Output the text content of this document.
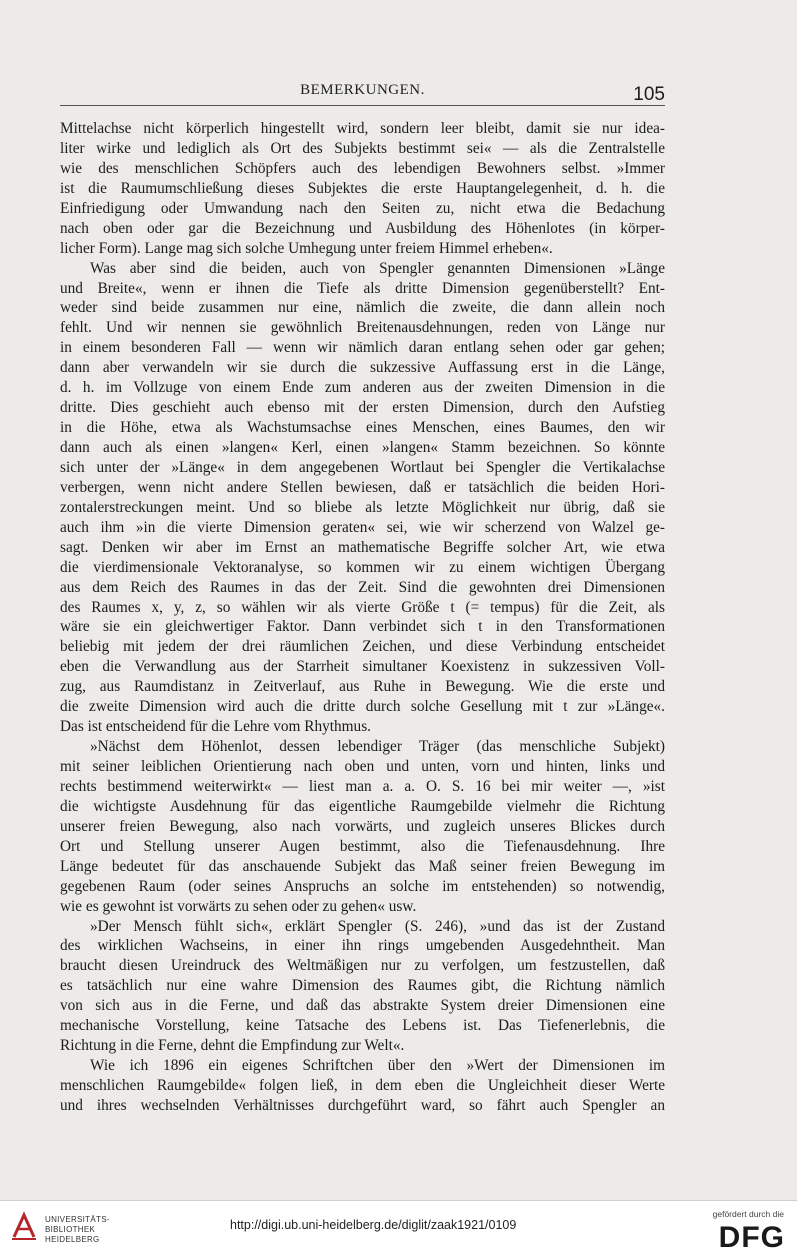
BEMERKUNGEN.	105
Mittelachse nicht körperlich hingestellt wird, sondern leer bleibt, damit sie nur idea-
liter wirke und lediglich als Ort des Subjekts bestimmt sei« — als die Zentralstelle
wie des menschlichen Schöpfers auch des lebendigen Bewohners selbst. »Immer
ist die Raumumschließung dieses Subjektes die erste Hauptangelegenheit, d. h. die
Einfriedigung oder Umwandung nach den Seiten zu, nicht etwa die Bedachung
nach oben oder gar die Bezeichnung und Ausbildung des Höhenlotes (in körper-
licher Form). Lange mag sich solche Umhegung unter freiem Himmel erheben«.
Was aber sind die beiden, auch von Spengler genannten Dimensionen »Länge
und Breite«, wenn er ihnen die Tiefe als dritte Dimension gegenüberstellt? Ent-
weder sind beide zusammen nur eine, nämlich die zweite, die dann allein noch
fehlt. Und wir nennen sie gewöhnlich Breitenausdehnungen, reden von Länge nur
in einem besonderen Fall — wenn wir nämlich daran entlang sehen oder gar gehen;
dann aber verwandeln wir sie durch die sukzessive Auffassung erst in die Länge,
d. h. im Vollzuge von einem Ende zum anderen aus der zweiten Dimension in die
dritte. Dies geschieht auch ebenso mit der ersten Dimension, durch den Aufstieg
in die Höhe, etwa als Wachstumsachse eines Menschen, eines Baumes, den wir
dann auch als einen »langen« Kerl, einen »langen« Stamm bezeichnen. So könnte
sich unter der »Länge« in dem angegebenen Wortlaut bei Spengler die Vertikalachse
verbergen, wenn nicht andere Stellen bewiesen, daß er tatsächlich die beiden Hori-
zontalerstreckungen meint. Und so bliebe als letzte Möglichkeit nur übrig, daß sie
auch ihm »in die vierte Dimension geraten« sei, wie wir scherzend von Walzel ge-
sagt. Denken wir aber im Ernst an mathematische Begriffe solcher Art, wie etwa
die vierdimensionale Vektoranalyse, so kommen wir zu einem wichtigen Übergang
aus dem Reich des Raumes in das der Zeit. Sind die gewohnten drei Dimensionen
des Raumes x, y, z, so wählen wir als vierte Größe t (= tempus) für die Zeit, als
wäre sie ein gleichwertiger Faktor. Dann verbindet sich t in den Transformationen
beliebig mit jedem der drei räumlichen Zeichen, und diese Verbindung entscheidet
eben die Verwandlung aus der Starrheit simultaner Koexistenz in sukzessiven Voll-
zug, aus Raumdistanz in Zeitverlauf, aus Ruhe in Bewegung. Wie die erste und
die zweite Dimension wird auch die dritte durch solche Gesellung mit t zur »Länge«.
Das ist entscheidend für die Lehre vom Rhythmus.
»Nächst dem Höhenlot, dessen lebendiger Träger (das menschliche Subjekt)
mit seiner leiblichen Orientierung nach oben und unten, vorn und hinten, links und
rechts bestimmend weiterwirkt« — liest man a. a. O. S. 16 bei mir weiter —, »ist
die wichtigste Ausdehnung für das eigentliche Raumgebilde vielmehr die Richtung
unserer freien Bewegung, also nach vorwärts, und zugleich unseres Blickes durch
Ort und Stellung unserer Augen bestimmt, also die Tiefenausdehnung. Ihre
Länge bedeutet für das anschauende Subjekt das Maß seiner freien Bewegung im
gegebenen Raum (oder seines Anspruchs an solche im entstehenden) so notwendig,
wie es gewohnt ist vorwärts zu sehen oder zu gehen« usw.
»Der Mensch fühlt sich«, erklärt Spengler (S. 246), »und das ist der Zustand
des wirklichen Wachseins, in einer ihn rings umgebenden Ausgedehntheit. Man
braucht diesen Ureindruck des Weltmäßigen nur zu verfolgen, um festzustellen, daß
es tatsächlich nur eine wahre Dimension des Raumes gibt, die Richtung nämlich
von sich aus in die Ferne, und daß das abstrakte System dreier Dimensionen eine
mechanische Vorstellung, keine Tatsache des Lebens ist. Das Tiefenerlebnis, die
Richtung in die Ferne, dehnt die Empfindung zur Welt«.
Wie ich 1896 ein eigenes Schriftchen über den »Wert der Dimensionen im
menschlichen Raumgebilde« folgen ließ, in dem eben die Ungleichheit dieser Werte
und ihres wechselnden Verhältnisses durchgeführt ward, so fährt auch Spengler an
UNIVERSITÄTS-
BIBLIOTHEK
HEIDELBERG
http://digi.ub.uni-heidelberg.de/diglit/zaak1921/0109
gefördert durch die
DFG
